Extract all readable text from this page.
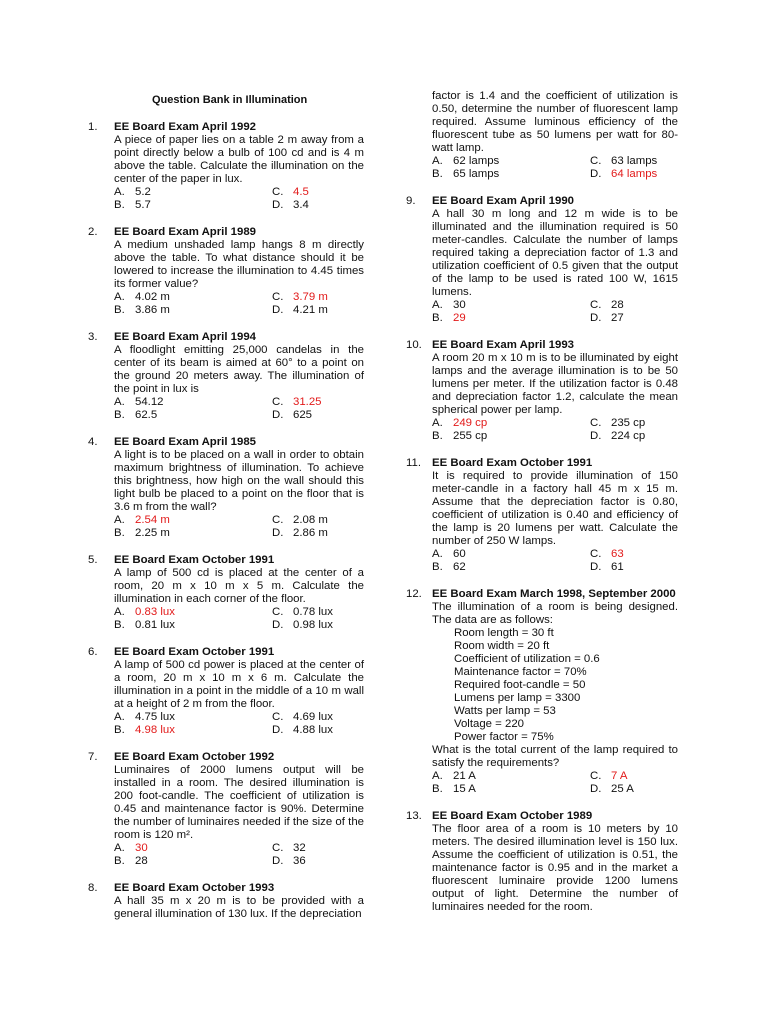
Question Bank in Illumination
1.	EE Board Exam April 1992
A piece of paper lies on a table 2 m away from a point directly below a bulb of 100 cd and is 4 m above the table. Calculate the illumination on the center of the paper in lux.
A. 5.2	C. 4.5
B. 5.7	D. 3.4
2.	EE Board Exam April 1989
A medium unshaded lamp hangs 8 m directly above the table. To what distance should it be lowered to increase the illumination to 4.45 times its former value?
A. 4.02 m	C. 3.79 m
B. 3.86 m	D. 4.21 m
3.	EE Board Exam April 1994
A floodlight emitting 25,000 candelas in the center of its beam is aimed at 60° to a point on the ground 20 meters away. The illumination of the point in lux is
A. 54.12	C. 31.25
B. 62.5	D. 625
4.	EE Board Exam April 1985
A light is to be placed on a wall in order to obtain maximum brightness of illumination. To achieve this brightness, how high on the wall should this light bulb be placed to a point on the floor that is 3.6 m from the wall?
A. 2.54 m	C. 2.08 m
B. 2.25 m	D. 2.86 m
5.	EE Board Exam October 1991
A lamp of 500 cd is placed at the center of a room, 20 m x 10 m x 5 m. Calculate the illumination in each corner of the floor.
A. 0.83 lux	C. 0.78 lux
B. 0.81 lux	D. 0.98 lux
6.	EE Board Exam October 1991
A lamp of 500 cd power is placed at the center of a room, 20 m x 10 m x 6 m. Calculate the illumination in a point in the middle of a 10 m wall at a height of 2 m from the floor.
A. 4.75 lux	C. 4.69 lux
B. 4.98 lux	D. 4.88 lux
7.	EE Board Exam October 1992
Luminaires of 2000 lumens output will be installed in a room. The desired illumination is 200 foot-candle. The coefficient of utilization is 0.45 and maintenance factor is 90%. Determine the number of luminaires needed if the size of the room is 120 m².
A. 30	C. 32
B. 28	D. 36
8.	EE Board Exam October 1993
A hall 35 m x 20 m is to be provided with a general illumination of 130 lux. If the depreciation
factor is 1.4 and the coefficient of utilization is 0.50, determine the number of fluorescent lamp required. Assume luminous efficiency of the fluorescent tube as 50 lumens per watt for 80-watt lamp.
A. 62 lamps	C. 63 lamps
B. 65 lamps	D. 64 lamps
9.	EE Board Exam April 1990
A hall 30 m long and 12 m wide is to be illuminated and the illumination required is 50 meter-candles. Calculate the number of lamps required taking a depreciation factor of 1.3 and utilization coefficient of 0.5 given that the output of the lamp to be used is rated 100 W, 1615 lumens.
A. 30	C. 28
B. 29	D. 27
10. EE Board Exam April 1993
A room 20 m x 10 m is to be illuminated by eight lamps and the average illumination is to be 50 lumens per meter. If the utilization factor is 0.48 and depreciation factor 1.2, calculate the mean spherical power per lamp.
A. 249 cp	C. 235 cp
B. 255 cp	D. 224 cp
11. EE Board Exam October 1991
It is required to provide illumination of 150 meter-candle in a factory hall 45 m x 15 m. Assume that the depreciation factor is 0.80, coefficient of utilization is 0.40 and efficiency of the lamp is 20 lumens per watt. Calculate the number of 250 W lamps.
A. 60	C. 63
B. 62	D. 61
12. EE Board Exam March 1998, September 2000
The illumination of a room is being designed. The data are as follows:
Room length = 30 ft
Room width = 20 ft
Coefficient of utilization = 0.6
Maintenance factor = 70%
Required foot-candle = 50
Lumens per lamp = 3300
Watts per lamp = 53
Voltage = 220
Power factor = 75%
What is the total current of the lamp required to satisfy the requirements?
A. 21 A	C. 7 A
B. 15 A	D. 25 A
13. EE Board Exam October 1989
The floor area of a room is 10 meters by 10 meters. The desired illumination level is 150 lux. Assume the coefficient of utilization is 0.51, the maintenance factor is 0.95 and in the market a fluorescent luminaire provide 1200 lumens output of light. Determine the number of luminaires needed for the room.
